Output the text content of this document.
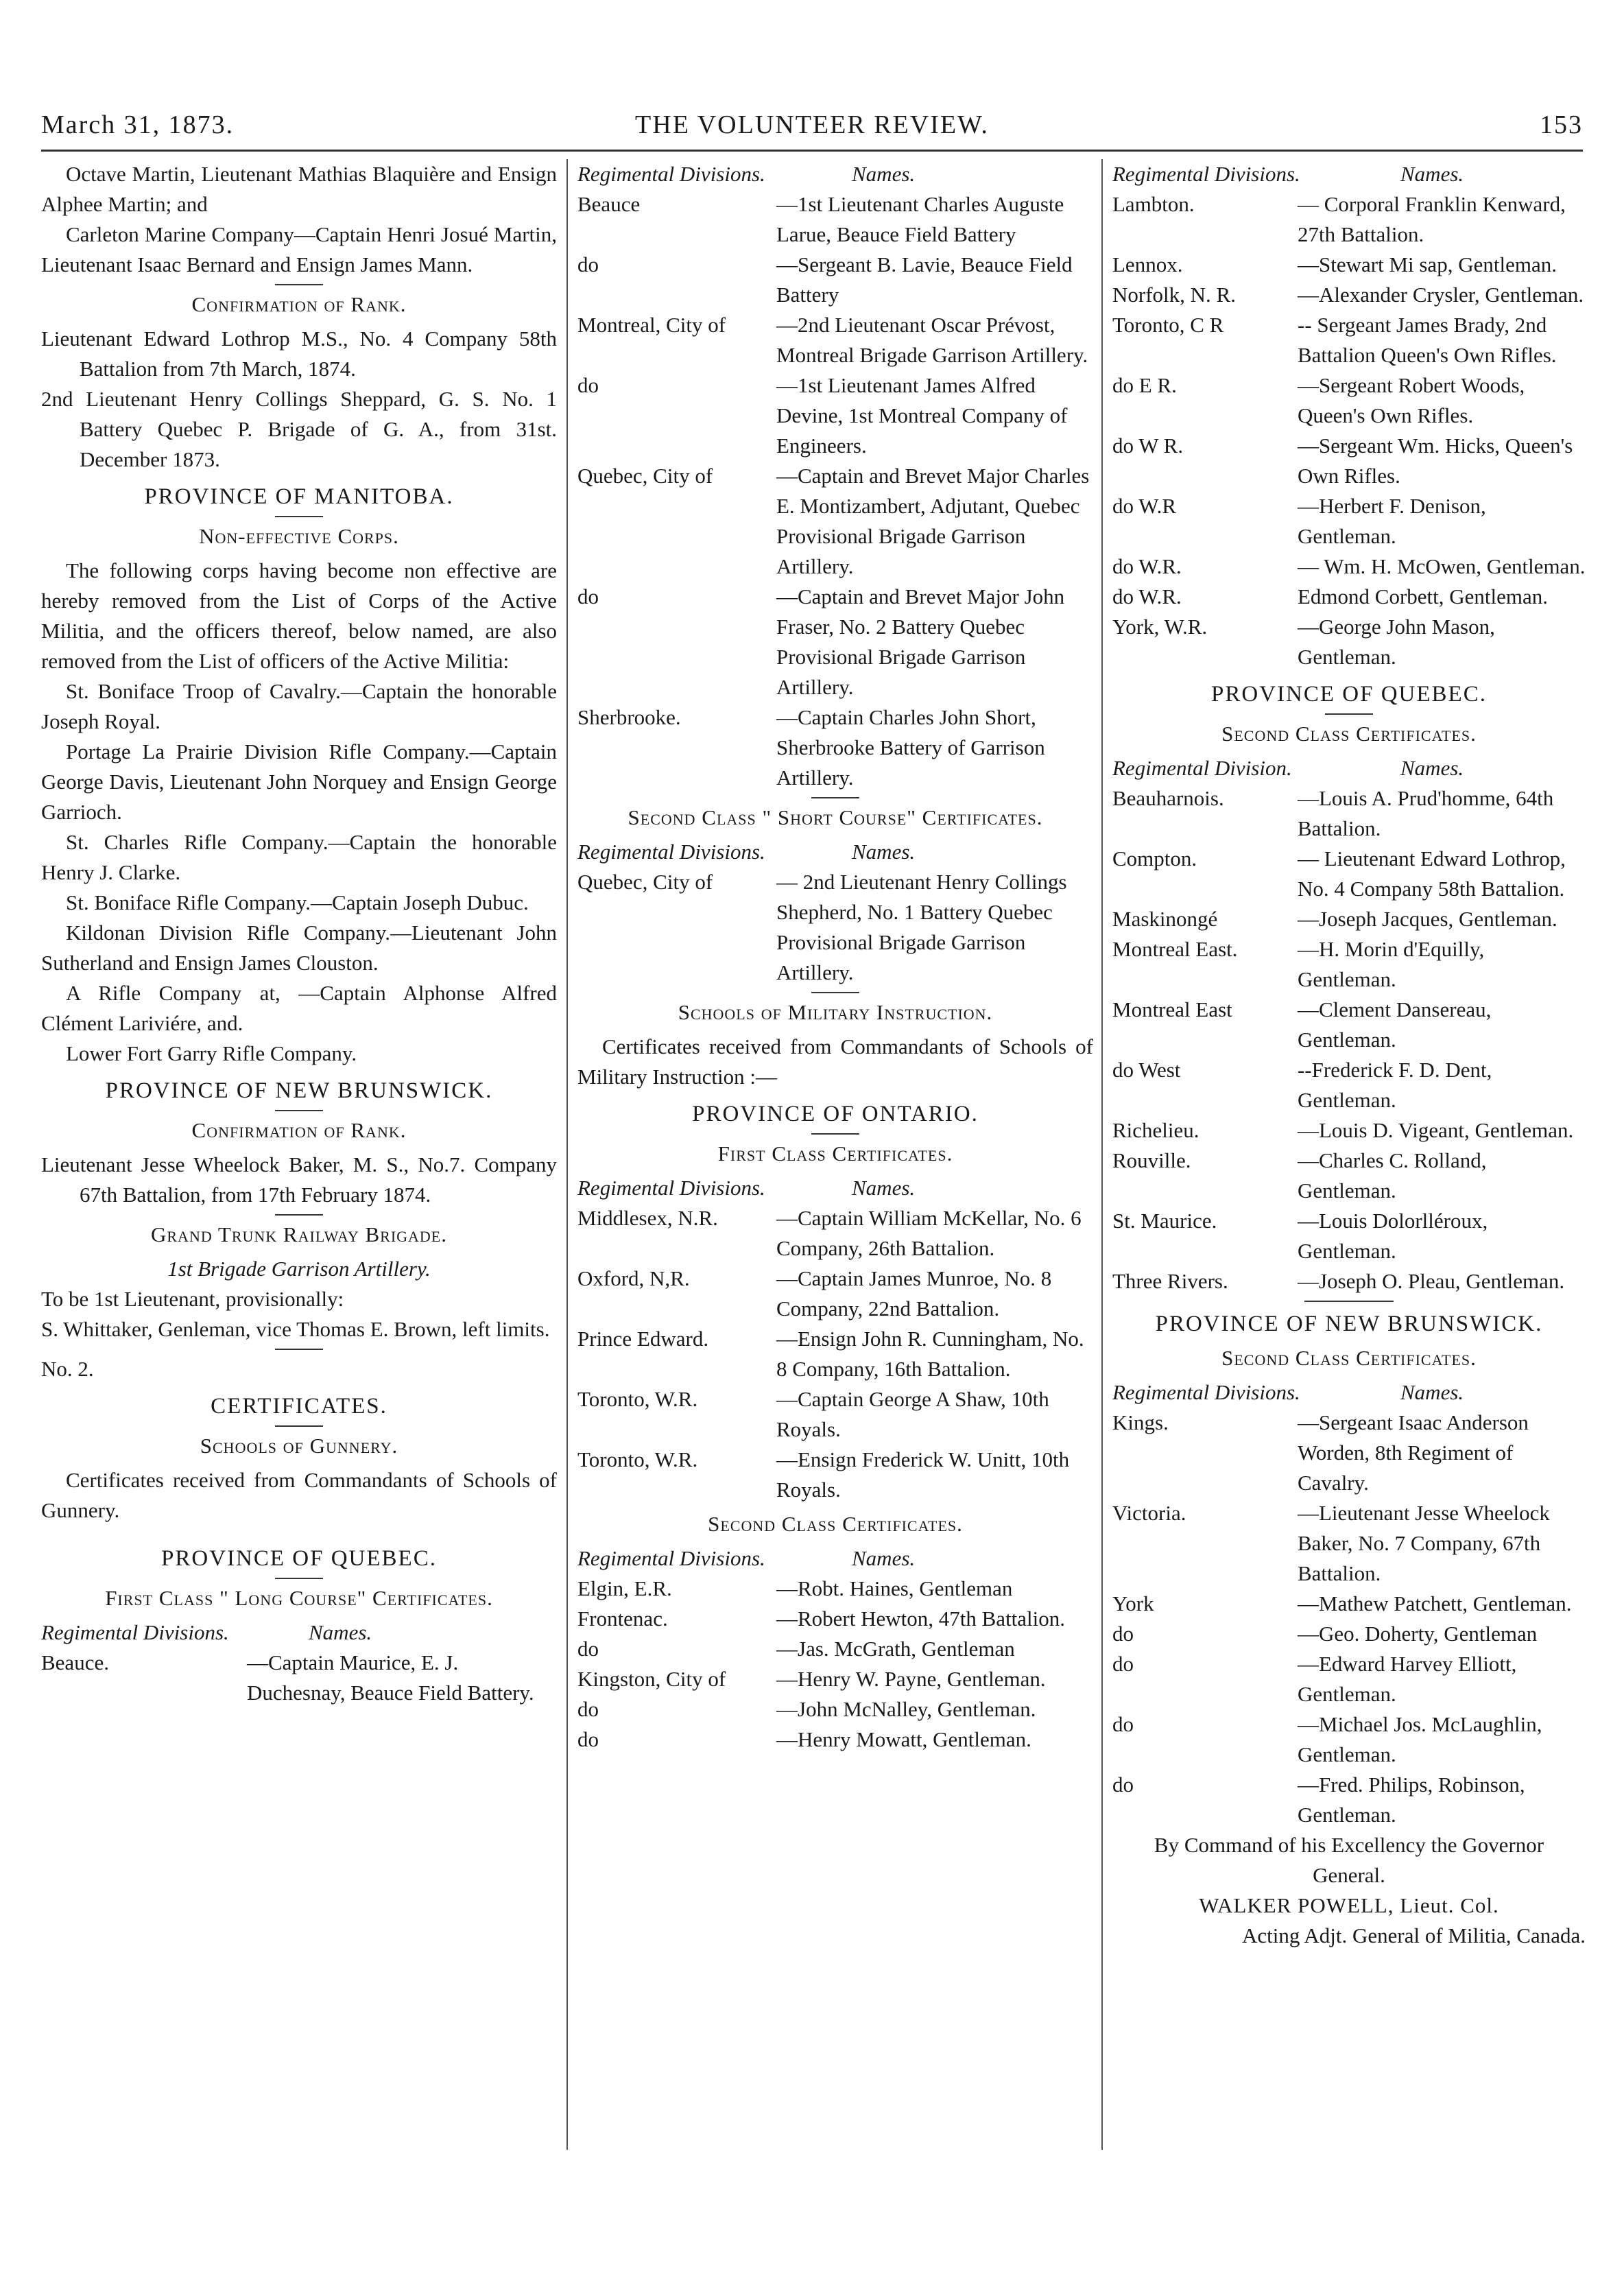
March 31, 1873.	THE VOLUNTEER REVIEW.	153

Octave Martin, Lieutenant Mathias Blaquière and Ensign Alphee Martin; and

Carleton Marine Company—Captain Henri Josué Martin, Lieutenant Isaac Bernard and Ensign James Mann.

Confirmation of Rank.

Lieutenant Edward Lothrop M.S., No. 4 Company 58th Battalion from 7th March, 1874.

2nd Lieutenant Henry Collings Sheppard, G. S. No. 1 Battery Quebec P. Brigade of G. A., from 31st. December 1873.

PROVINCE OF MANITOBA.

Non-effective Corps.

The following corps having become non effective are hereby removed from the List of Corps of the Active Militia, and the officers thereof, below named, are also removed from the List of officers of the Active Militia:

St. Boniface Troop of Cavalry.—Captain the honorable Joseph Royal.

Portage La Prairie Division Rifle Company.—Captain George Davis, Lieutenant John Norquey and Ensign George Garrioch.

St. Charles Rifle Company.—Captain the honorable Henry J. Clarke.

St. Boniface Rifle Company.—Captain Joseph Dubuc.

Kildonan Division Rifle Company.—Lieutenant John Sutherland and Ensign James Clouston.

A Rifle Company at, —Captain Alphonse Alfred Clément Lariviére, and.

Lower Fort Garry Rifle Company.

PROVINCE OF NEW BRUNSWICK.

Confirmation of Rank.

Lieutenant Jesse Wheelock Baker, M. S., No.7. Company 67th Battalion, from 17th February 1874.

Grand Trunk Railway Brigade.

1st Brigade Garrison Artillery.

To be 1st Lieutenant, provisionally:

S. Whittaker, Genleman, vice Thomas E. Brown, left limits.

No. 2.

CERTIFICATES.

Schools of Gunnery.

Certificates received from Commandants of Schools of Gunnery.

PROVINCE OF QUEBEC.

First Class " Long Course" Certificates.

Regimental Divisions.	Names.
Beauce.	—Captain Maurice, E. J. Duchesnay, Beauce Field Battery.
Regimental Divisions.	Names.
Beauce	—1st Lieutenant Charles Auguste Larue, Beauce Field Battery
do	—Sergeant B. Lavie, Beauce Field Battery
Montreal, City of	—2nd Lieutenant Oscar Prévost, Montreal Brigade Garrison Artillery.
do	—1st Lieutenant James Alfred Devine, 1st Montreal Company of Engineers.
Quebec, City of	—Captain and Brevet Major Charles E. Montizambert, Adjutant, Quebec Provisional Brigade Garrison Artillery.
do	—Captain and Brevet Major John Fraser, No. 2 Battery Quebec Provisional Brigade Garrison Artillery.
Sherbrooke.	—Captain Charles John Short, Sherbrooke Battery of Garrison Artillery.

Second Class " Short Course" Certificates.

Regimental Divisions.	Names.
Quebec, City of	— 2nd Lieutenant Henry Collings Shepherd, No. 1 Battery Quebec Provisional Brigade Garrison Artillery.

Schools of Military Instruction.

Certificates received from Commandants of Schools of Military Instruction :—

PROVINCE OF ONTARIO.

First Class Certificates.

Regimental Divisions.	Names.
Middlesex, N.R.	—Captain William McKellar, No. 6 Company, 26th Battalion.
Oxford, N,R.	—Captain James Munroe, No. 8 Company, 22nd Battalion.
Prince Edward.	—Ensign John R. Cunningham, No. 8 Company, 16th Battalion.
Toronto, W.R.	—Captain George A Shaw, 10th Royals.
Toronto, W.R.	—Ensign Frederick W. Unitt, 10th Royals.

Second Class Certificates.

Regimental Divisions.	Names.
Elgin, E.R.	—Robt. Haines, Gentleman
Frontenac.	—Robert Hewton, 47th Battalion.
do	—Jas. McGrath, Gentleman
Kingston, City of	—Henry W. Payne, Gentleman.
do	—John McNalley, Gentleman.
do	—Henry Mowatt, Gentleman.
Regimental Divisions.	Names.
Lambton.	— Corporal Franklin Kenward, 27th Battalion.
Lennox.	—Stewart Mi sap, Gentleman.
Norfolk, N. R.	—Alexander Crysler, Gentleman.
Toronto, C R	-- Sergeant James Brady, 2nd Battalion Queen's Own Rifles.
do E R.	—Sergeant Robert Woods, Queen's Own Rifles.
do W R.	—Sergeant Wm. Hicks, Queen's Own Rifles.
do W.R	—Herbert F. Denison, Gentleman.
do W.R.	— Wm. H. McOwen, Gentleman.
do W.R.	Edmond Corbett, Gentleman.
York, W.R.	—George John Mason, Gentleman.

PROVINCE OF QUEBEC.

Second Class Certificates.

Regimental Division.	Names.
Beauharnois.	—Louis A. Prud'homme, 64th Battalion.
Compton.	— Lieutenant Edward Lothrop, No. 4 Company 58th Battalion.
Maskinongé	—Joseph Jacques, Gentleman.
Montreal East.	—H. Morin d'Equilly, Gentleman.
Montreal East	—Clement Dansereau, Gentleman.
do West	--Frederick F. D. Dent, Gentleman.
Richelieu.	—Louis D. Vigeant, Gentleman.
Rouville.	—Charles C. Rolland, Gentleman.
St. Maurice.	—Louis Dolorlléroux, Gentleman.
Three Rivers.	—Joseph O. Pleau, Gentleman.

PROVINCE OF NEW BRUNSWICK.

Second Class Certificates.

Regimental Divisions.	Names.
Kings.	—Sergeant Isaac Anderson Worden, 8th Regiment of Cavalry.
Victoria.	—Lieutenant Jesse Wheelock Baker, No. 7 Company, 67th Battalion.
York	—Mathew Patchett, Gentleman.
do	—Geo. Doherty, Gentleman
do	—Edward Harvey Elliott, Gentleman.
do	—Michael Jos. McLaughlin, Gentleman.
do	—Fred. Philips, Robinson, Gentleman.

By Command of his Excellency the Governor General.

WALKER POWELL, Lieut. Col.

Acting Adjt. General of Militia, Canada.
